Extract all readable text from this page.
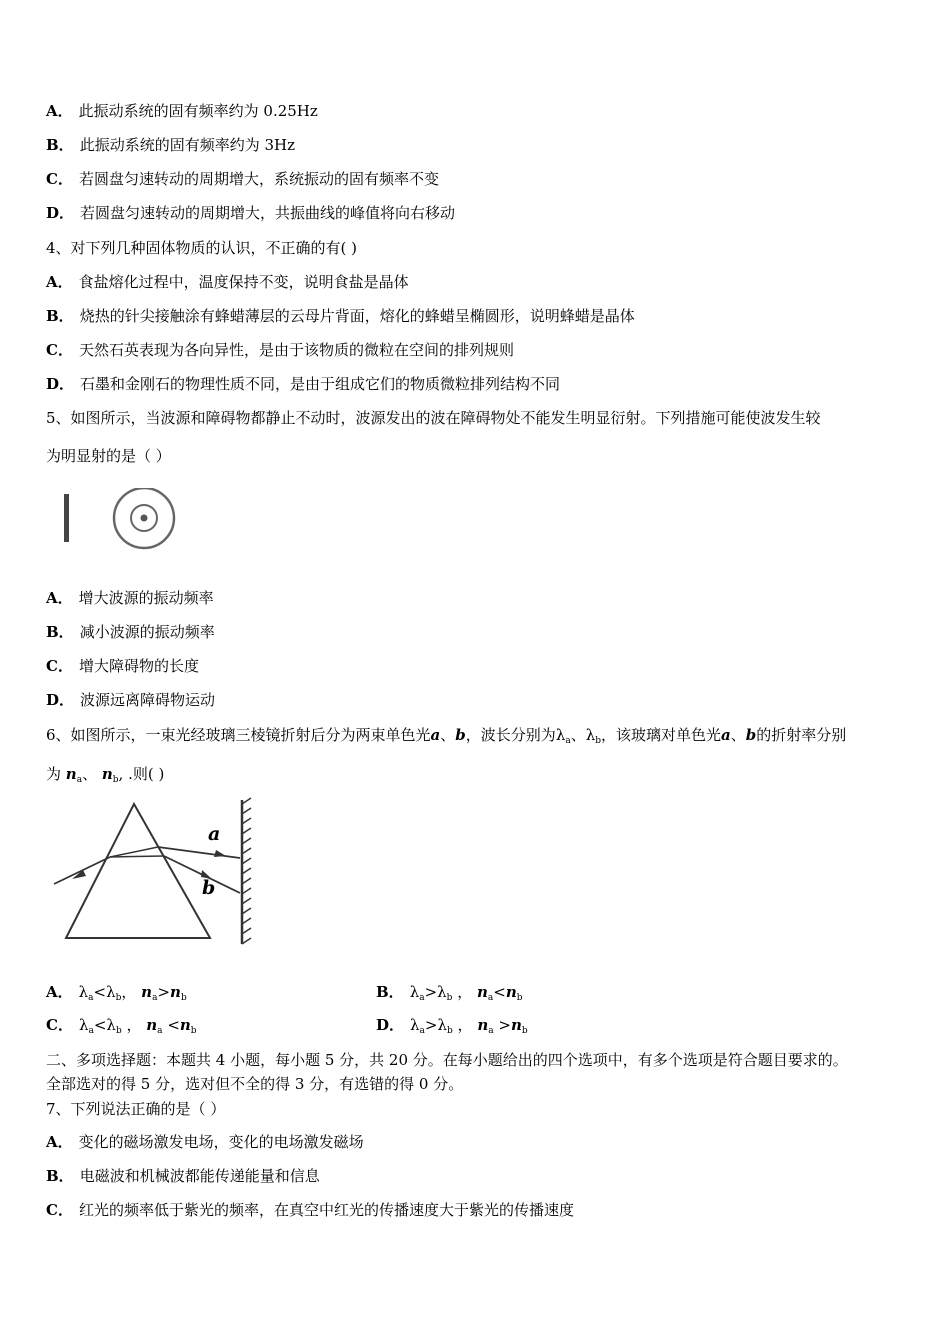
A． 此振动系统的固有频率约为 0.25Hz
B． 此振动系统的固有频率约为 3Hz
C． 若圆盘匀速转动的周期增大，系统振动的固有频率不变
D． 若圆盘匀速转动的周期增大，共振曲线的峰值将向右移动
4、对下列几种固体物质的认识，不正确的有( )
A． 食盐熔化过程中，温度保持不变，说明食盐是晶体
B． 烧热的针尖接触涂有蜂蜡薄层的云母片背面，熔化的蜂蜡呈椭圆形，说明蜂蜡是晶体
C． 天然石英表现为各向异性，是由于该物质的微粒在空间的排列规则
D． 石墨和金刚石的物理性质不同，是由于组成它们的物质微粒排列结构不同
5、如图所示，当波源和障碍物都静止不动时，波源发出的波在障碍物处不能发生明显衍射。下列措施可能使波发生较
为明显射的是（ ）
A． 增大波源的振动频率
B． 减小波源的振动频率
C． 增大障碍物的长度
D． 波源远离障碍物运动
6、如图所示，一束光经玻璃三棱镜折射后分为两束单色光a、b，波长分别为$\lambda_a$、$\lambda_b$，该玻璃对单色光a、b的折射率分别
为 $n_a$、 $n_b$, .则( )
a
b
A． $\lambda_a<\lambda_b$， $n_a>n_b$	B． $\lambda_a>\lambda_b$ ， $n_a<n_b$
C． $\lambda_a<\lambda_b$ ， $n_a <n_b$	D． $\lambda_a>\lambda_b$ ， $n_a >n_b$
二、多项选择题：本题共 4 小题，每小题 5 分，共 20 分。在每小题给出的四个选项中，有多个选项是符合题目要求的。
全部选对的得 5 分，选对但不全的得 3 分，有选错的得 0 分。
7、下列说法正确的是（ ）
A． 变化的磁场激发电场，变化的电场激发磁场
B． 电磁波和机械波都能传递能量和信息
C． 红光的频率低于紫光的频率，在真空中红光的传播速度大于紫光的传播速度
